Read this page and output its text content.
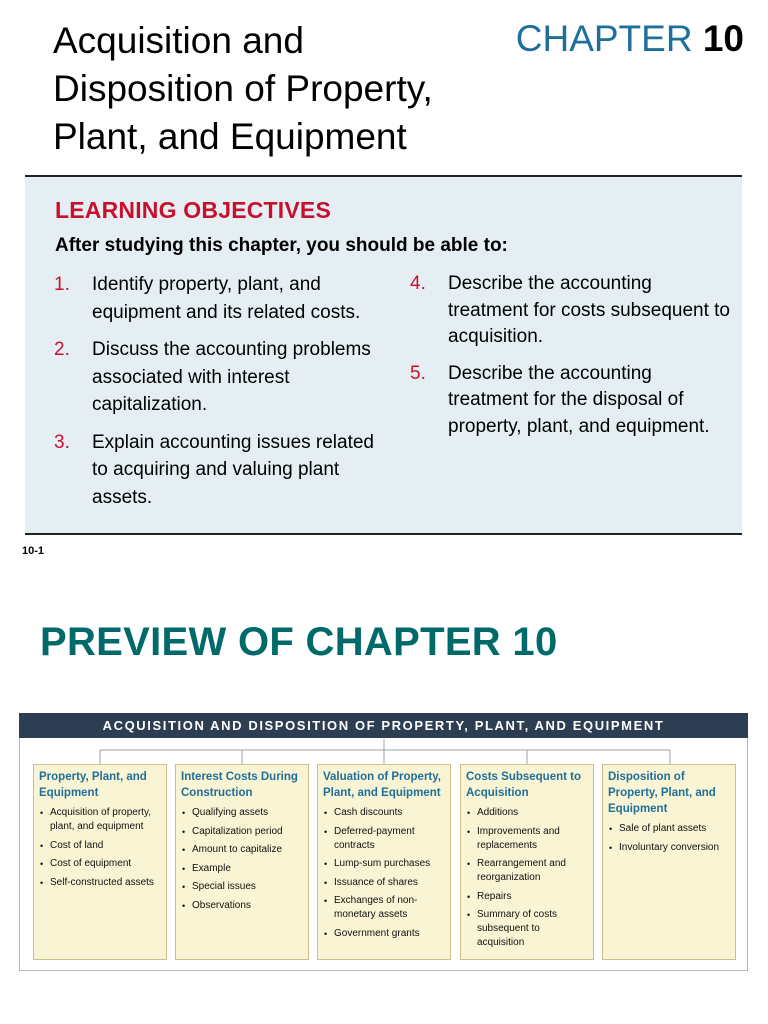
Acquisition and Disposition of Property, Plant, and Equipment
CHAPTER 10
LEARNING OBJECTIVES
After studying this chapter, you should be able to:
1.	Identify property, plant, and equipment and its related costs.
2.	Discuss the accounting problems associated with interest capitalization.
3.	Explain accounting issues related to acquiring and valuing plant assets.
4.	Describe the accounting treatment for costs subsequent to acquisition.
5.	Describe the accounting treatment for the disposal of property, plant, and equipment.
10-1
PREVIEW OF CHAPTER 10
ACQUISITION AND DISPOSITION OF PROPERTY, PLANT, AND EQUIPMENT
Property, Plant, and Equipment
• Acquisition of property, plant, and equipment
• Cost of land
• Cost of equipment
• Self-constructed assets
Interest Costs During Construction
• Qualifying assets
• Capitalization period
• Amount to capitalize
• Example
• Special issues
• Observations
Valuation of Property, Plant, and Equipment
• Cash discounts
• Deferred-payment contracts
• Lump-sum purchases
• Issuance of shares
• Exchanges of non-monetary assets
• Government grants
Costs Subsequent to Acquisition
• Additions
• Improvements and replacements
• Rearrangement and reorganization
• Repairs
• Summary of costs subsequent to acquisition
Disposition of Property, Plant, and Equipment
• Sale of plant assets
• Involuntary conversion
